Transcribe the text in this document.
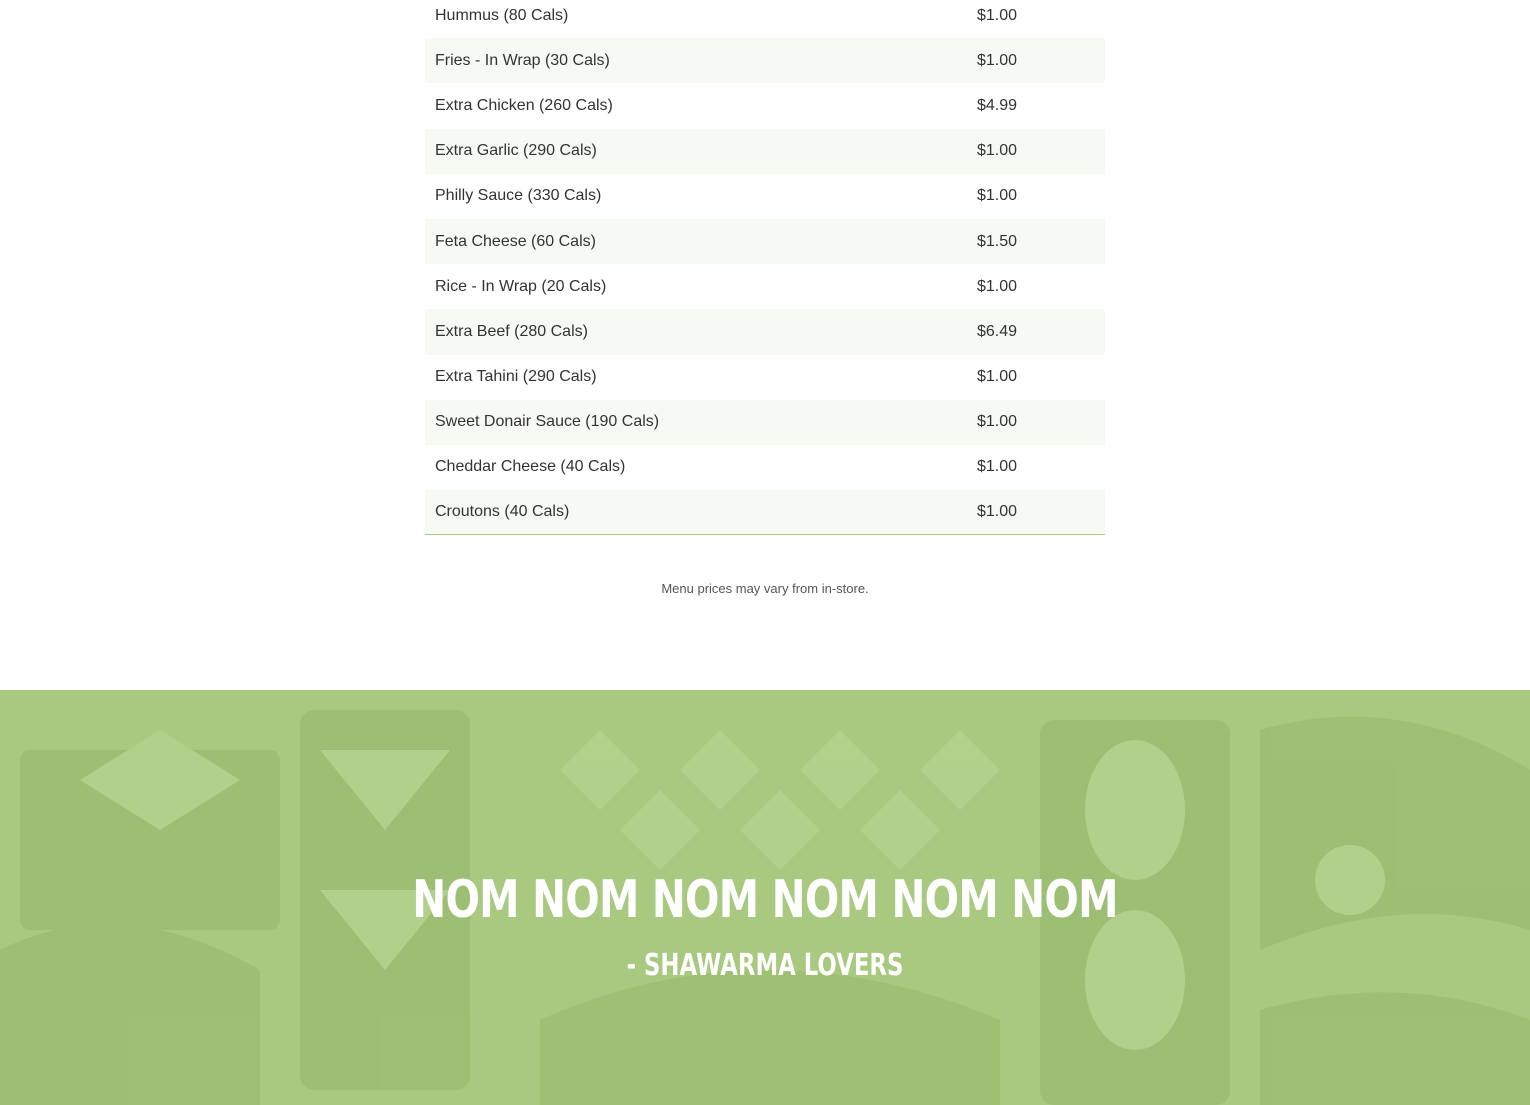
Hummus (80 Cals)	$1.00
Fries - In Wrap (30 Cals)	$1.00
Extra Chicken (260 Cals)	$4.99
Extra Garlic (290 Cals)	$1.00
Philly Sauce (330 Cals)	$1.00
Feta Cheese (60 Cals)	$1.50
Rice - In Wrap (20 Cals)	$1.00
Extra Beef (280 Cals)	$6.49
Extra Tahini (290 Cals)	$1.00
Sweet Donair Sauce (190 Cals)	$1.00
Cheddar Cheese (40 Cals)	$1.00
Croutons (40 Cals)	$1.00
Menu prices may vary from in-store.
NOM NOM NOM NOM NOM NOM
- SHAWARMA LOVERS
